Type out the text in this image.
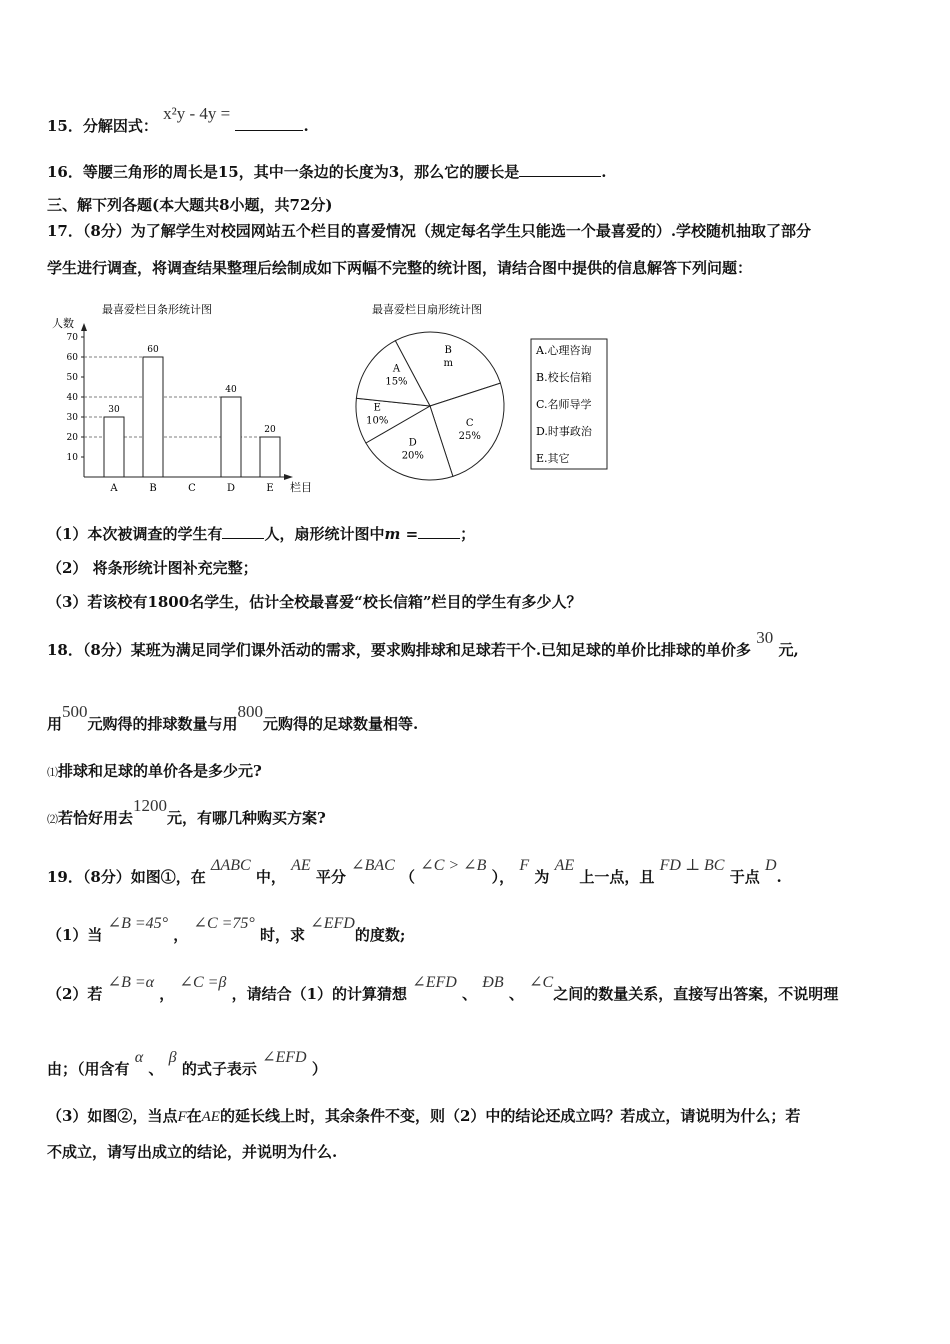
15．分解因式： x²y - 4y = .
16．等腰三角形的周长是15，其中一条边的长度为3，那么它的腰长是	.
三、解下列各题(本大题共8小题，共72分)
17．（8分）为了解学生对校园网站五个栏目的喜爱情况（规定每名学生只能选一个最喜爱的）.学校随机抽取了部分
学生进行调查，将调查结果整理后绘制成如下两幅不完整的统计图，请结合图中提供的信息解答下列问题：
最喜爱栏目条形统计图
人数
栏目
10
20
30
40
50
60
70
30
60
40
20
A	B	C	D	E
最喜爱栏目扇形统计图
A
15%
B
m
C
25%
D
20%
E
10%
A.心理咨询
B.校长信箱
C.名师导学
D.时事政治
E.其它
（1）本次被调查的学生有	人，扇形统计图中m =	；
（2） 将条形统计图补充完整；
（3）若该校有1800名学生，估计全校最喜爱“校长信箱”栏目的学生有多少人？
18．（8分）某班为满足同学们课外活动的需求，要求购排球和足球若干个.已知足球的单价比排球的单价多 30 元,
用500元购得的排球数量与用800元购得的足球数量相等.
⑴排球和足球的单价各是多少元?
⑵若恰好用去1200元，有哪几种购买方案?
19．（8分）如图①，在 ΔABC 中， AE 平分 ∠BAC （ ∠C > ∠B ）， F 为 AE 上一点，且 FD ⊥ BC 于点 D.
（1）当 ∠B =45° ， ∠C =75° 时，求 ∠EFD的度数;
（2）若 ∠B =α ， ∠C =β ，请结合（1）的计算猜想 ∠EFD 、 ÐB 、 ∠C之间的数量关系，直接写出答案，不说明理
由；（用含有 α 、 β 的式子表示 ∠EFD ）
（3）如图②，当点F在AE的延长线上时，其余条件不变，则（2）中的结论还成立吗？若成立，请说明为什么；若
不成立，请写出成立的结论，并说明为什么.
